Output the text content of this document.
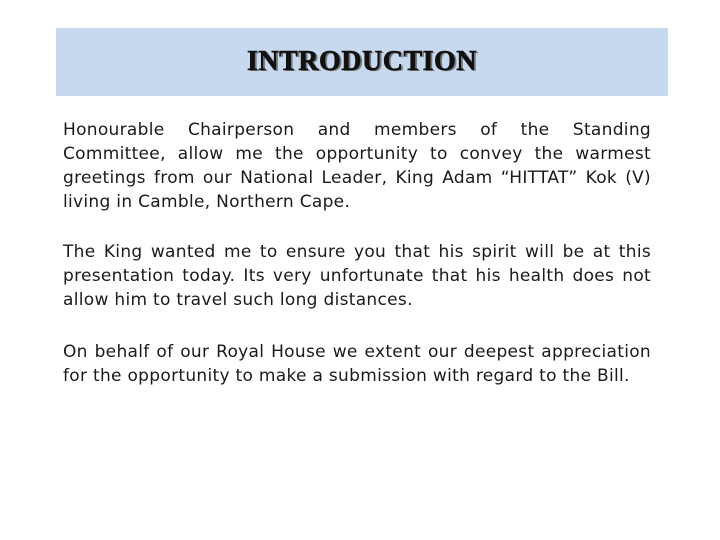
INTRODUCTION

Honourable Chairperson and members of the Standing Committee, allow me the opportunity to convey the warmest greetings from our National Leader, King Adam “HITTAT” Kok (V) living in Camble, Northern Cape.

The King wanted me to ensure you that his spirit will be at this presentation today. Its very unfortunate that his health does not allow him to travel such long distances.

On behalf of our Royal House we extent our deepest appreciation for the opportunity to make a submission with regard to the Bill.
